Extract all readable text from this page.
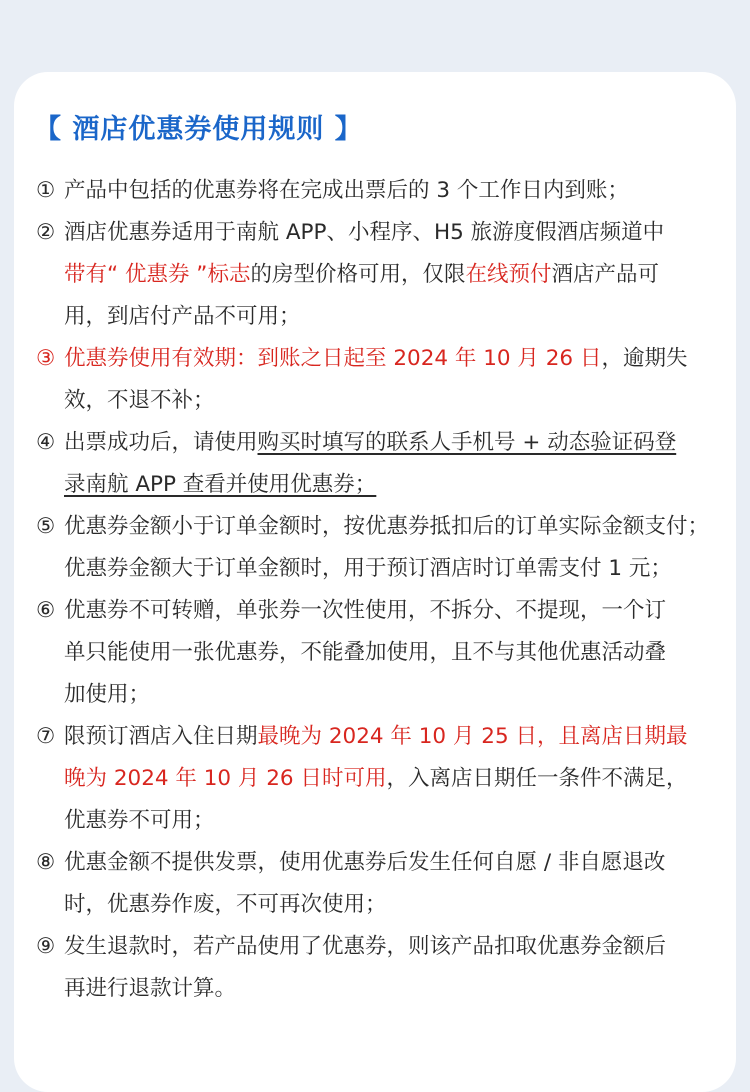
【 酒店优惠券使用规则 】
① 产品中包括的优惠券将在完成出票后的 3 个工作日内到账；
② 酒店优惠券适用于南航 APP、小程序、H5 旅游度假酒店频道中
带有“ 优惠券 ”标志的房型价格可用，仅限在线预付酒店产品可
用，到店付产品不可用；
③ 优惠券使用有效期：到账之日起至 2024 年 10 月 26 日，逾期失
效，不退不补；
④ 出票成功后，请使用购买时填写的联系人手机号 + 动态验证码登
录南航 APP 查看并使用优惠券；
⑤ 优惠券金额小于订单金额时，按优惠券抵扣后的订单实际金额支付；
优惠券金额大于订单金额时，用于预订酒店时订单需支付 1 元；
⑥ 优惠券不可转赠，单张券一次性使用，不拆分、不提现，一个订
单只能使用一张优惠券，不能叠加使用，且不与其他优惠活动叠
加使用；
⑦ 限预订酒店入住日期最晚为 2024 年 10 月 25 日，且离店日期最
晚为 2024 年 10 月 26 日时可用，入离店日期任一条件不满足，
优惠券不可用；
⑧ 优惠金额不提供发票，使用优惠券后发生任何自愿 / 非自愿退改
时，优惠券作废，不可再次使用；
⑨ 发生退款时，若产品使用了优惠券，则该产品扣取优惠券金额后
再进行退款计算。
